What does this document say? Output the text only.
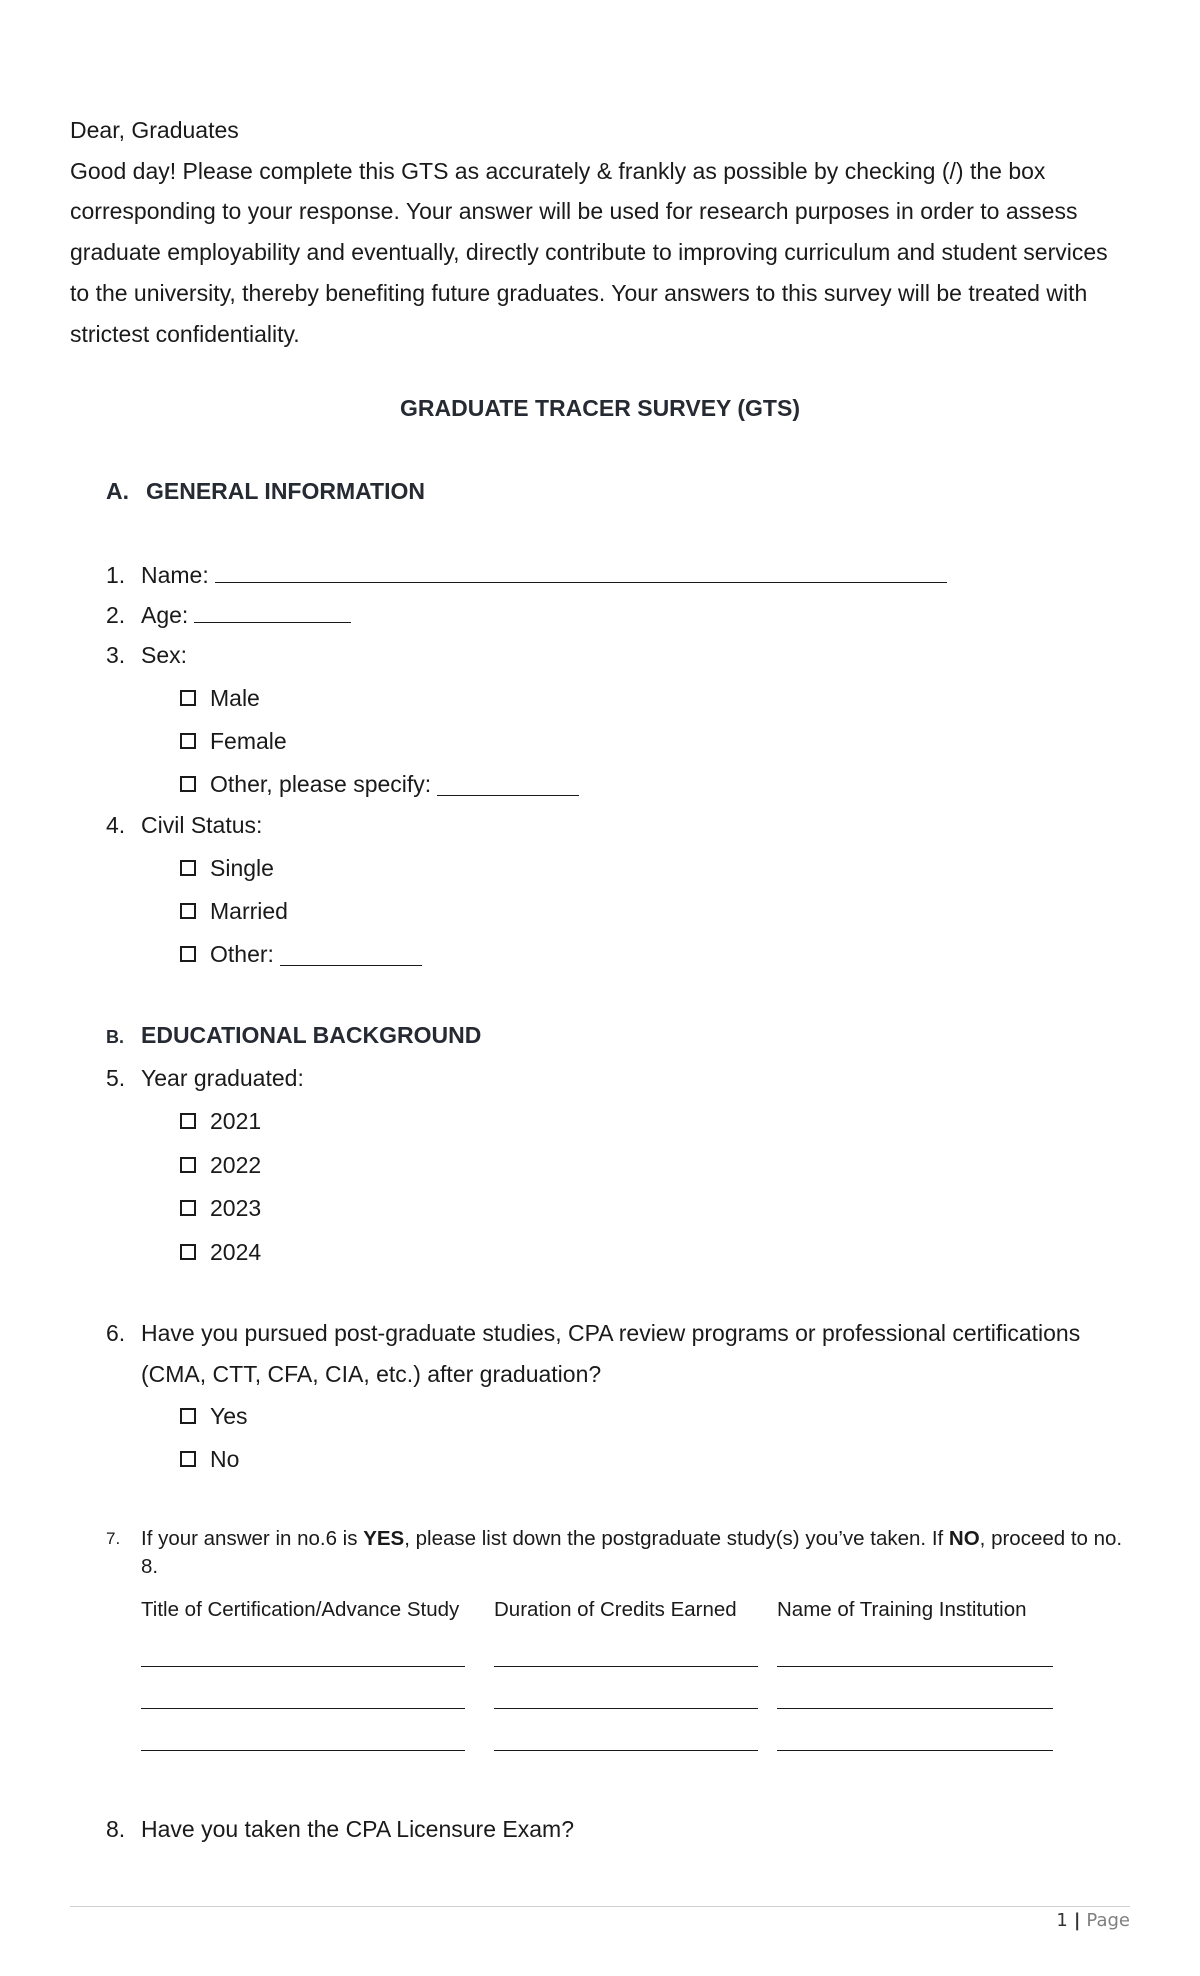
Dear, Graduates

Good day! Please complete this GTS as accurately & frankly as possible by checking (/) the box corresponding to your response. Your answer will be used for research purposes in order to assess graduate employability and eventually, directly contribute to improving curriculum and student services to the university, thereby benefiting future graduates. Your answers to this survey will be treated with strictest confidentiality.

GRADUATE TRACER SURVEY (GTS)
A. GENERAL INFORMATION
1. Name:
2. Age:
3. Sex:
Male
Female
Other, please specify:
4. Civil Status:
Single
Married
Other:
B. EDUCATIONAL BACKGROUND
5. Year graduated:
2021
2022
2023
2024
6. Have you pursued post-graduate studies, CPA review programs or professional certifications (CMA, CTT, CFA, CIA, etc.) after graduation?
Yes
No
7. If your answer in no.6 is YES, please list down the postgraduate study(s) you’ve taken. If NO, proceed to no. 8.
Title of Certification/Advance Study Duration of Credits Earned Name of Training Institution
8. Have you taken the CPA Licensure Exam?
1 | Page
